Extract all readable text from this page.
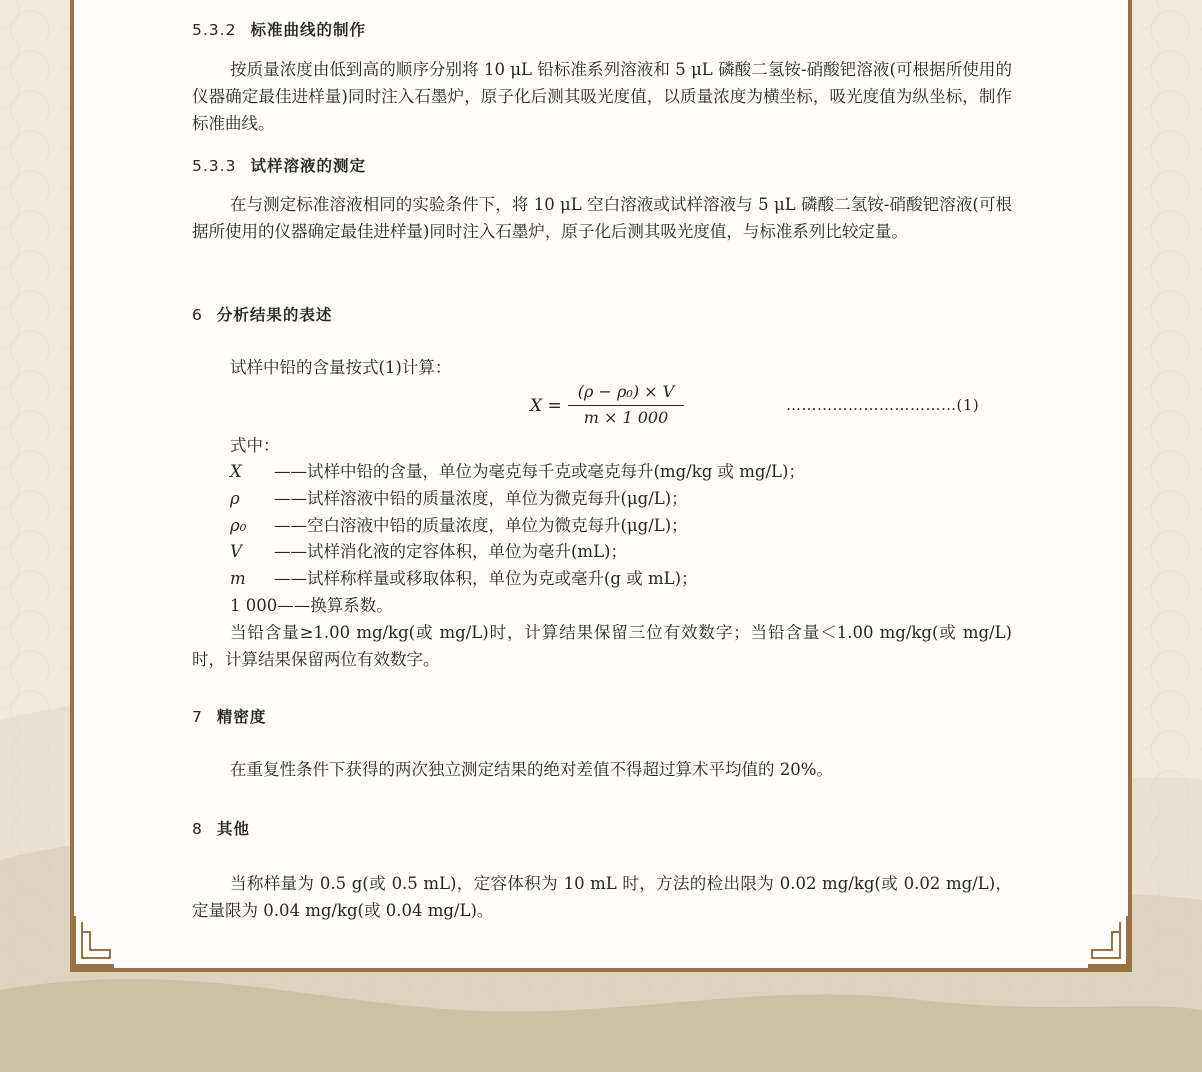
5.3.2 标准曲线的制作
按质量浓度由低到高的顺序分别将 10 μL 铅标准系列溶液和 5 μL 磷酸二氢铵-硝酸钯溶液(可根据所使用的仪器确定最佳进样量)同时注入石墨炉，原子化后测其吸光度值，以质量浓度为横坐标，吸光度值为纵坐标，制作标准曲线。
5.3.3 试样溶液的测定
在与测定标准溶液相同的实验条件下，将 10 μL 空白溶液或试样溶液与 5 μL 磷酸二氢铵-硝酸钯溶液(可根据所使用的仪器确定最佳进样量)同时注入石墨炉，原子化后测其吸光度值，与标准系列比较定量。
6 分析结果的表述
试样中铅的含量按式(1)计算：
X =
(ρ − ρ₀) × V
m × 1 000
……………………………(1)
式中：
X ——试样中铅的含量，单位为毫克每千克或毫克每升(mg/kg 或 mg/L)；
ρ ——试样溶液中铅的质量浓度，单位为微克每升(μg/L)；
ρ₀ ——空白溶液中铅的质量浓度，单位为微克每升(μg/L)；
V ——试样消化液的定容体积，单位为毫升(mL)；
m ——试样称样量或移取体积，单位为克或毫升(g 或 mL)；
1 000——换算系数。
当铅含量≥1.00 mg/kg(或 mg/L)时，计算结果保留三位有效数字；当铅含量＜1.00 mg/kg(或 mg/L)时，计算结果保留两位有效数字。
7 精密度
在重复性条件下获得的两次独立测定结果的绝对差值不得超过算术平均值的 20%。
8 其他
当称样量为 0.5 g(或 0.5 mL)，定容体积为 10 mL 时，方法的检出限为 0.02 mg/kg(或 0.02 mg/L)，定量限为 0.04 mg/kg(或 0.04 mg/L)。
